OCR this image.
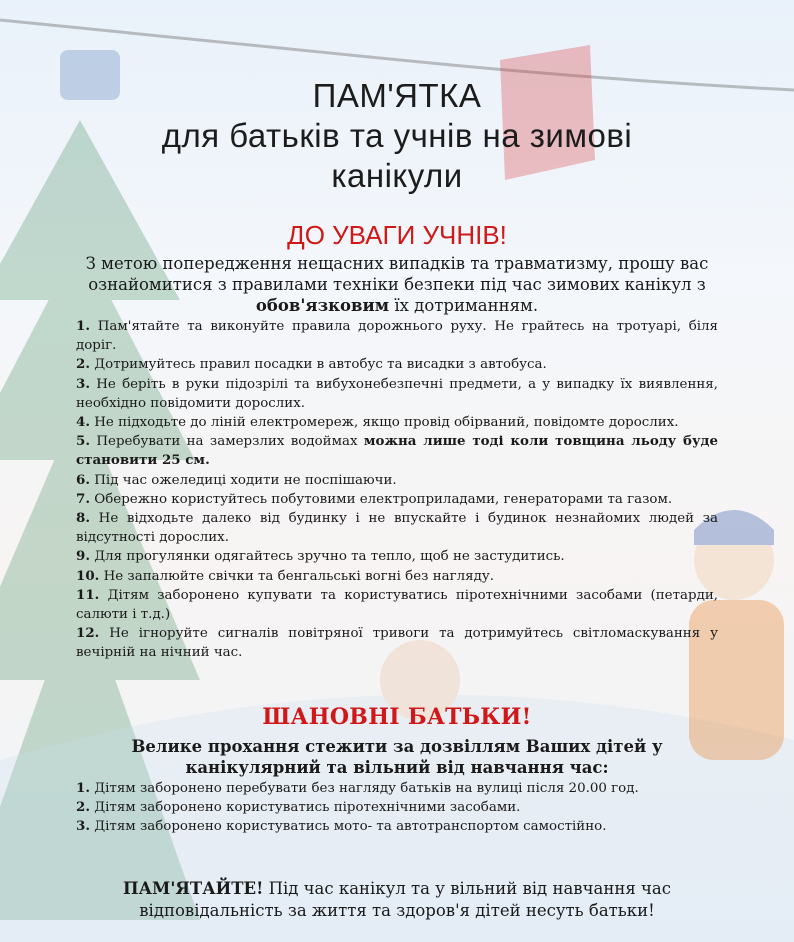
ПАМ'ЯТКА
для батьків та учнів на зимові
канікули
ДО УВАГИ УЧНІВ!
З метою попередження нещасних випадків та травматизму, прошу вас ознайомитися з правилами техніки безпеки під час зимових канікул з обов'язковим їх дотриманням.

1. Пам'ятайте та виконуйте правила дорожнього руху. Не грайтесь на тротуарі, біля доріг.

2. Дотримуйтесь правил посадки в автобус та висадки з автобуса.

3. Не беріть в руки підозрілі та вибухонебезпечні предмети, а у випадку їх виявлення, необхідно повідомити дорослих.

4. Не підходьте до ліній електромереж, якщо провід обірваний, повідомте дорослих.

5. Перебувати на замерзлих водоймах можна лише тоді коли товщина льоду буде становити 25 см.

6. Під час ожеледиці ходити не поспішаючи.

7. Обережно користуйтесь побутовими електроприладами, генераторами та газом.

8. Не відходьте далеко від будинку і не впускайте і будинок незнайомих людей за відсутності дорослих.

9. Для прогулянки одягайтесь зручно та тепло, щоб не застудитись.

10. Не запалюйте свічки та бенгальські вогні без нагляду.

11. Дітям заборонено купувати та користуватись піротехнічними засобами (петарди, салюти і т.д.)

12. Не ігноруйте сигналів повітряної тривоги та дотримуйтесь світломаскування у вечірній на нічний час.

ШАНОВНІ БАТЬКИ!
Велике прохання стежити за дозвіллям Ваших дітей у канікулярний та вільний від навчання час:

1. Дітям заборонено перебувати без нагляду батьків на вулиці після 20.00 год.

2. Дітям заборонено користуватись піротехнічними засобами.

3. Дітям заборонено користуватись мото- та автотранспортом самостійно.

ПАМ'ЯТАЙТЕ! Під час канікул та у вільний від навчання час відповідальність за життя та здоров'я дітей несуть батьки!
